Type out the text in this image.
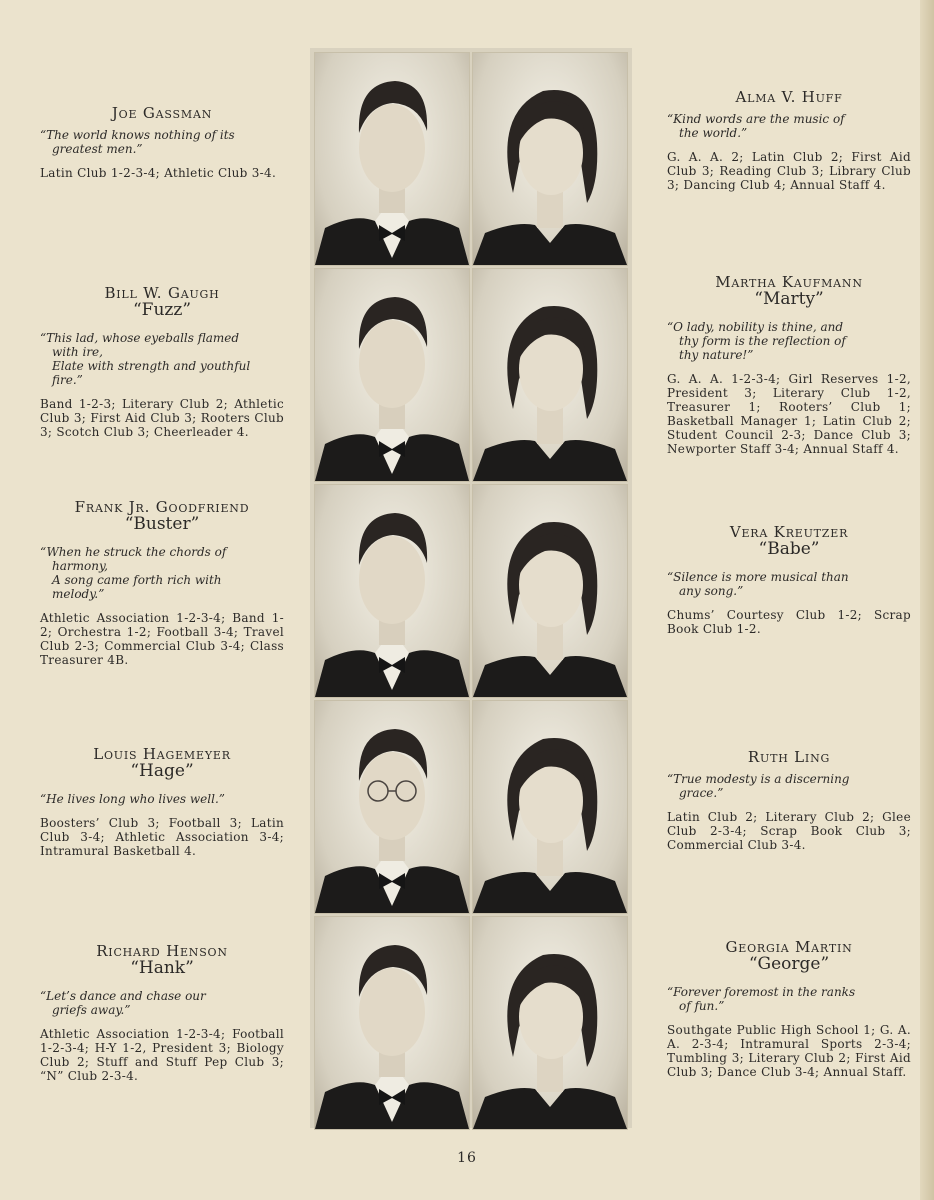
Joe Gassman
“The world knows nothing of its
greatest men.”
Latin Club 1-2-3-4; Athletic Club 3-4.
Bill W. Gaugh
“Fuzz”
“This lad, whose eyeballs flamed
with ire,
Elate with strength and youthful fire.”
Band 1-2-3; Literary Club 2; Athletic Club 3; First Aid Club 3; Rooters Club 3; Scotch Club 3; Cheerleader 4.
Frank Jr. Goodfriend
“Buster”
“When he struck the chords of
harmony,
A song came forth rich with
melody.”
Athletic Association 1-2-3-4; Band 1-2; Orchestra 1-2; Football 3-4; Travel Club 2-3; Commercial Club 3-4; Class Treasurer 4B.
Louis Hagemeyer
“Hage”
“He lives long who lives well.”
Boosters’ Club 3; Football 3; Latin Club 3-4; Athletic Association 3-4; Intramural Basketball 4.
Richard Henson
“Hank”
“Let’s dance and chase our
griefs away.”
Athletic Association 1-2-3-4; Football 1-2-3-4; H-Y 1-2, President 3; Biology Club 2; Stuff and Stuff Pep Club 3; “N” Club 2-3-4.
Alma V. Huff
“Kind words are the music of
the world.”
G. A. A. 2; Latin Club 2; First Aid Club 3; Reading Club 3; Library Club 3; Dancing Club 4; Annual Staff 4.
Martha Kaufmann
“Marty”
“O lady, nobility is thine, and
thy form is the reflection of
thy nature!”
G. A. A. 1-2-3-4; Girl Reserves 1-2, President 3; Literary Club 1-2, Treasurer 1; Rooters’ Club 1; Basketball Manager 1; Latin Club 2; Student Council 2-3; Dance Club 3; Newporter Staff 3-4; Annual Staff 4.
Vera Kreutzer
“Babe”
“Silence is more musical than
any song.”
Chums’ Courtesy Club 1-2; Scrap Book Club 1-2.
Ruth Ling
“True modesty is a discerning
grace.”
Latin Club 2; Literary Club 2; Glee Club 2-3-4; Scrap Book Club 3; Commercial Club 3-4.
Georgia Martin
“George”
“Forever foremost in the ranks
of fun.”
Southgate Public High School 1; G. A. A. 2-3-4; Intramural Sports 2-3-4; Tumbling 3; Literary Club 2; First Aid Club 3; Dance Club 3-4; Annual Staff.
16
